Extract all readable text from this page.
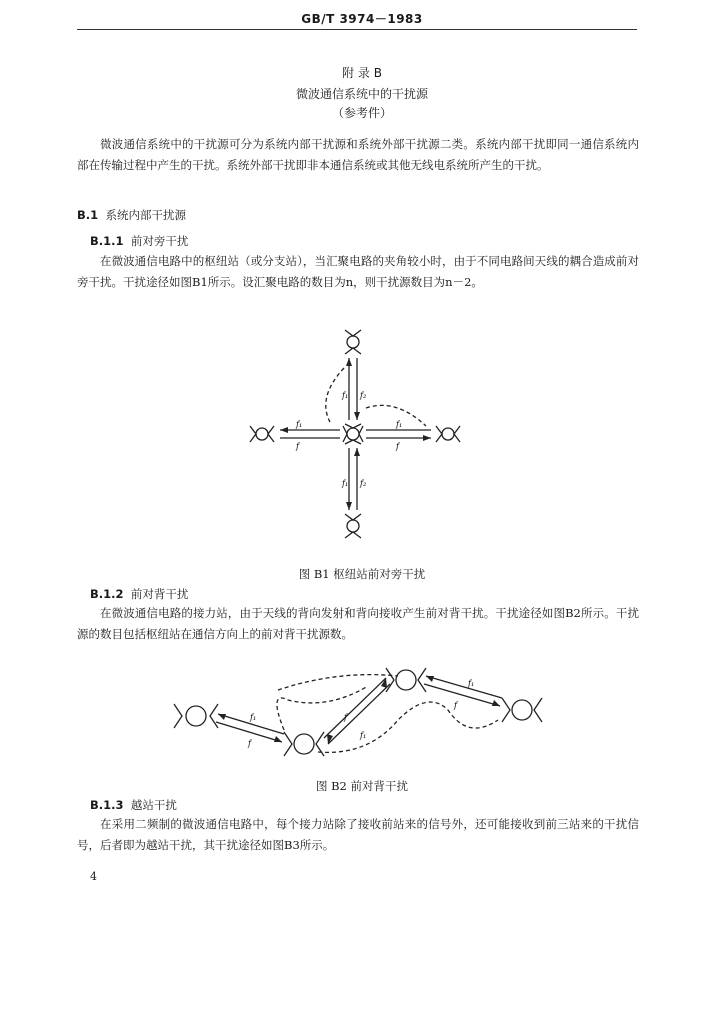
GB/T 3974－1983
附 录 B
微波通信系统中的干扰源
（参考件）
微波通信系统中的干扰源可分为系统内部干扰源和系统外部干扰源二类。系统内部干扰即同一通信系统内部在传输过程中产生的干扰。系统外部干扰即非本通信系统或其他无线电系统所产生的干扰。
B.1 系统内部干扰源
B.1.1 前对旁干扰
在微波通信电路中的枢纽站（或分支站），当汇聚电路的夹角较小时，由于不同电路间天线的耦合造成前对旁干扰。干扰途径如图B1所示。设汇聚电路的数目为n，则干扰源数目为n－2。
f₁ f₂
f₁
f
f₁
f
f₁ f₂
图 B1 枢纽站前对旁干扰
B.1.2 前对背干扰
在微波通信电路的接力站，由于天线的背向发射和背向接收产生前对背干扰。干扰途径如图B2所示。干扰源的数目包括枢纽站在通信方向上的前对背干扰源数。
f₁
f
f
f₁
f₁
f
图 B2 前对背干扰
B.1.3 越站干扰
在采用二频制的微波通信电路中，每个接力站除了接收前站来的信号外，还可能接收到前三站来的干扰信号，后者即为越站干扰，其干扰途径如图B3所示。
4
